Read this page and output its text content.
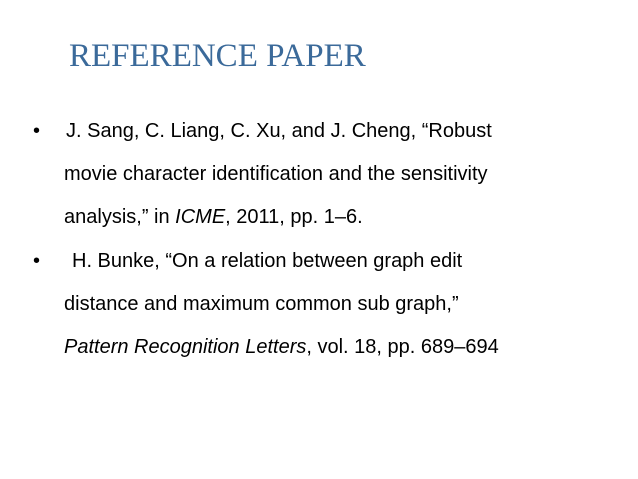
REFERENCE PAPER
• J. Sang, C. Liang, C. Xu, and J. Cheng, “Robust
movie character identification and the sensitivity
analysis,” in ICME, 2011, pp. 1–6.
•	H. Bunke, “On a relation between graph edit
distance and maximum common sub graph,”
Pattern Recognition Letters, vol. 18, pp. 689–694
